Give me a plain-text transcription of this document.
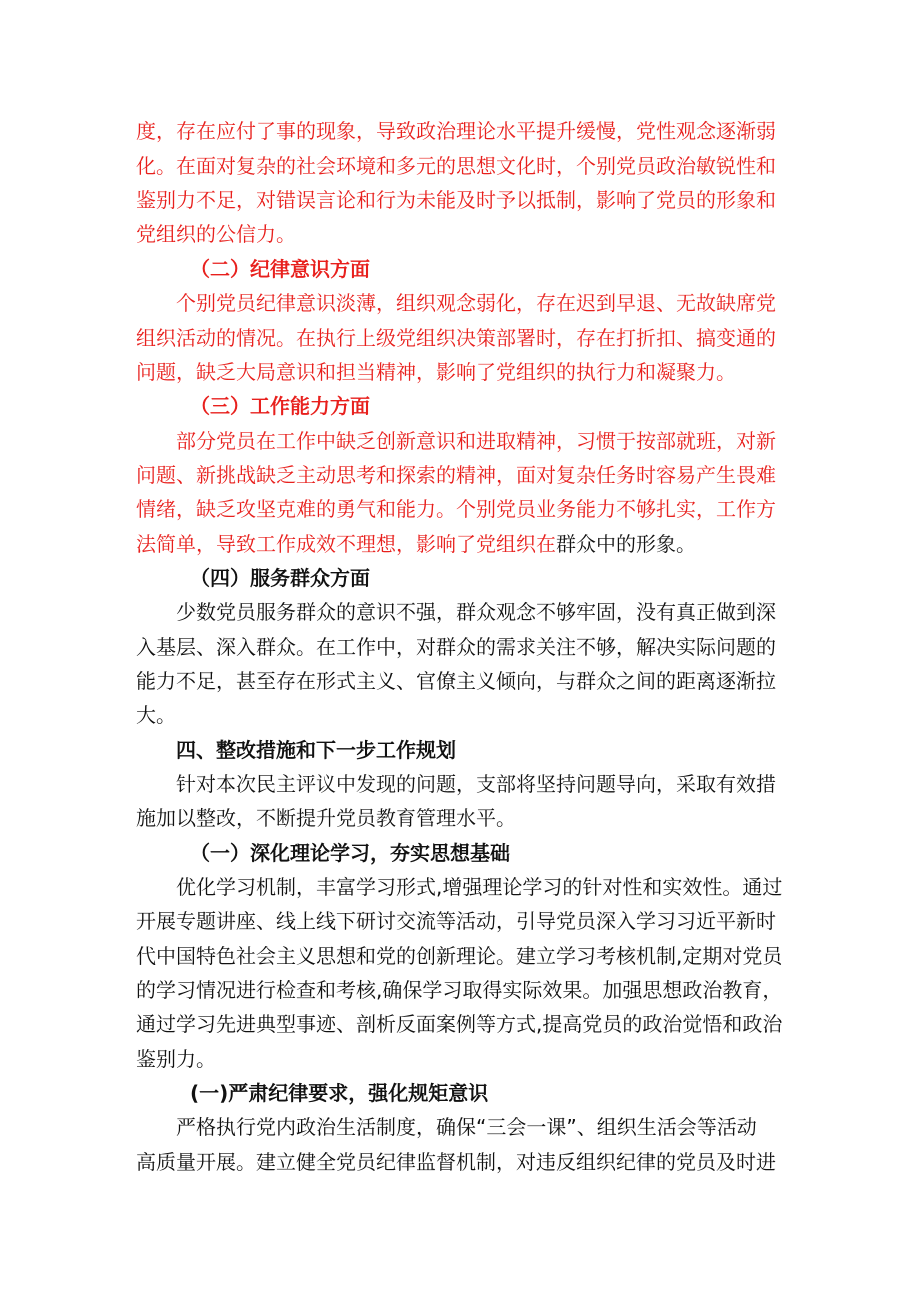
度，存在应付了事的现象，导致政治理论水平提升缓慢，党性观念逐渐弱
化。在面对复杂的社会环境和多元的思想文化时，个别党员政治敏锐性和
鉴别力不足，对错误言论和行为未能及时予以抵制，影响了党员的形象和
党组织的公信力。
（二）纪律意识方面
个别党员纪律意识淡薄，组织观念弱化，存在迟到早退、无故缺席党
组织活动的情况。在执行上级党组织决策部署时，存在打折扣、搞变通的
问题，缺乏大局意识和担当精神，影响了党组织的执行力和凝聚力。
（三）工作能力方面
部分党员在工作中缺乏创新意识和进取精神，习惯于按部就班，对新
问题、新挑战缺乏主动思考和探索的精神，面对复杂任务时容易产生畏难
情绪，缺乏攻坚克难的勇气和能力。个别党员业务能力不够扎实，工作方
法简单，导致工作成效不理想，影响了党组织在群众中的形象。
（四）服务群众方面
少数党员服务群众的意识不强，群众观念不够牢固，没有真正做到深
入基层、深入群众。在工作中，对群众的需求关注不够，解决实际问题的
能力不足，甚至存在形式主义、官僚主义倾向，与群众之间的距离逐渐拉
大。
四、整改措施和下一步工作规划
针对本次民主评议中发现的问题，支部将坚持问题导向，采取有效措
施加以整改，不断提升党员教育管理水平。
（一）深化理论学习，夯实思想基础
优化学习机制，丰富学习形式,增强理论学习的针对性和实效性。通过
开展专题讲座、线上线下研讨交流等活动，引导党员深入学习习近平新时
代中国特色社会主义思想和党的创新理论。建立学习考核机制,定期对党员
的学习情况进行检查和考核,确保学习取得实际效果。加强思想政治教育，
通过学习先进典型事迹、剖析反面案例等方式,提高党员的政治觉悟和政治
鉴别力。
(一)严肃纪律要求，强化规矩意识
严格执行党内政治生活制度，确保“三会一课”、组织生活会等活动
高质量开展。建立健全党员纪律监督机制，对违反组织纪律的党员及时进
